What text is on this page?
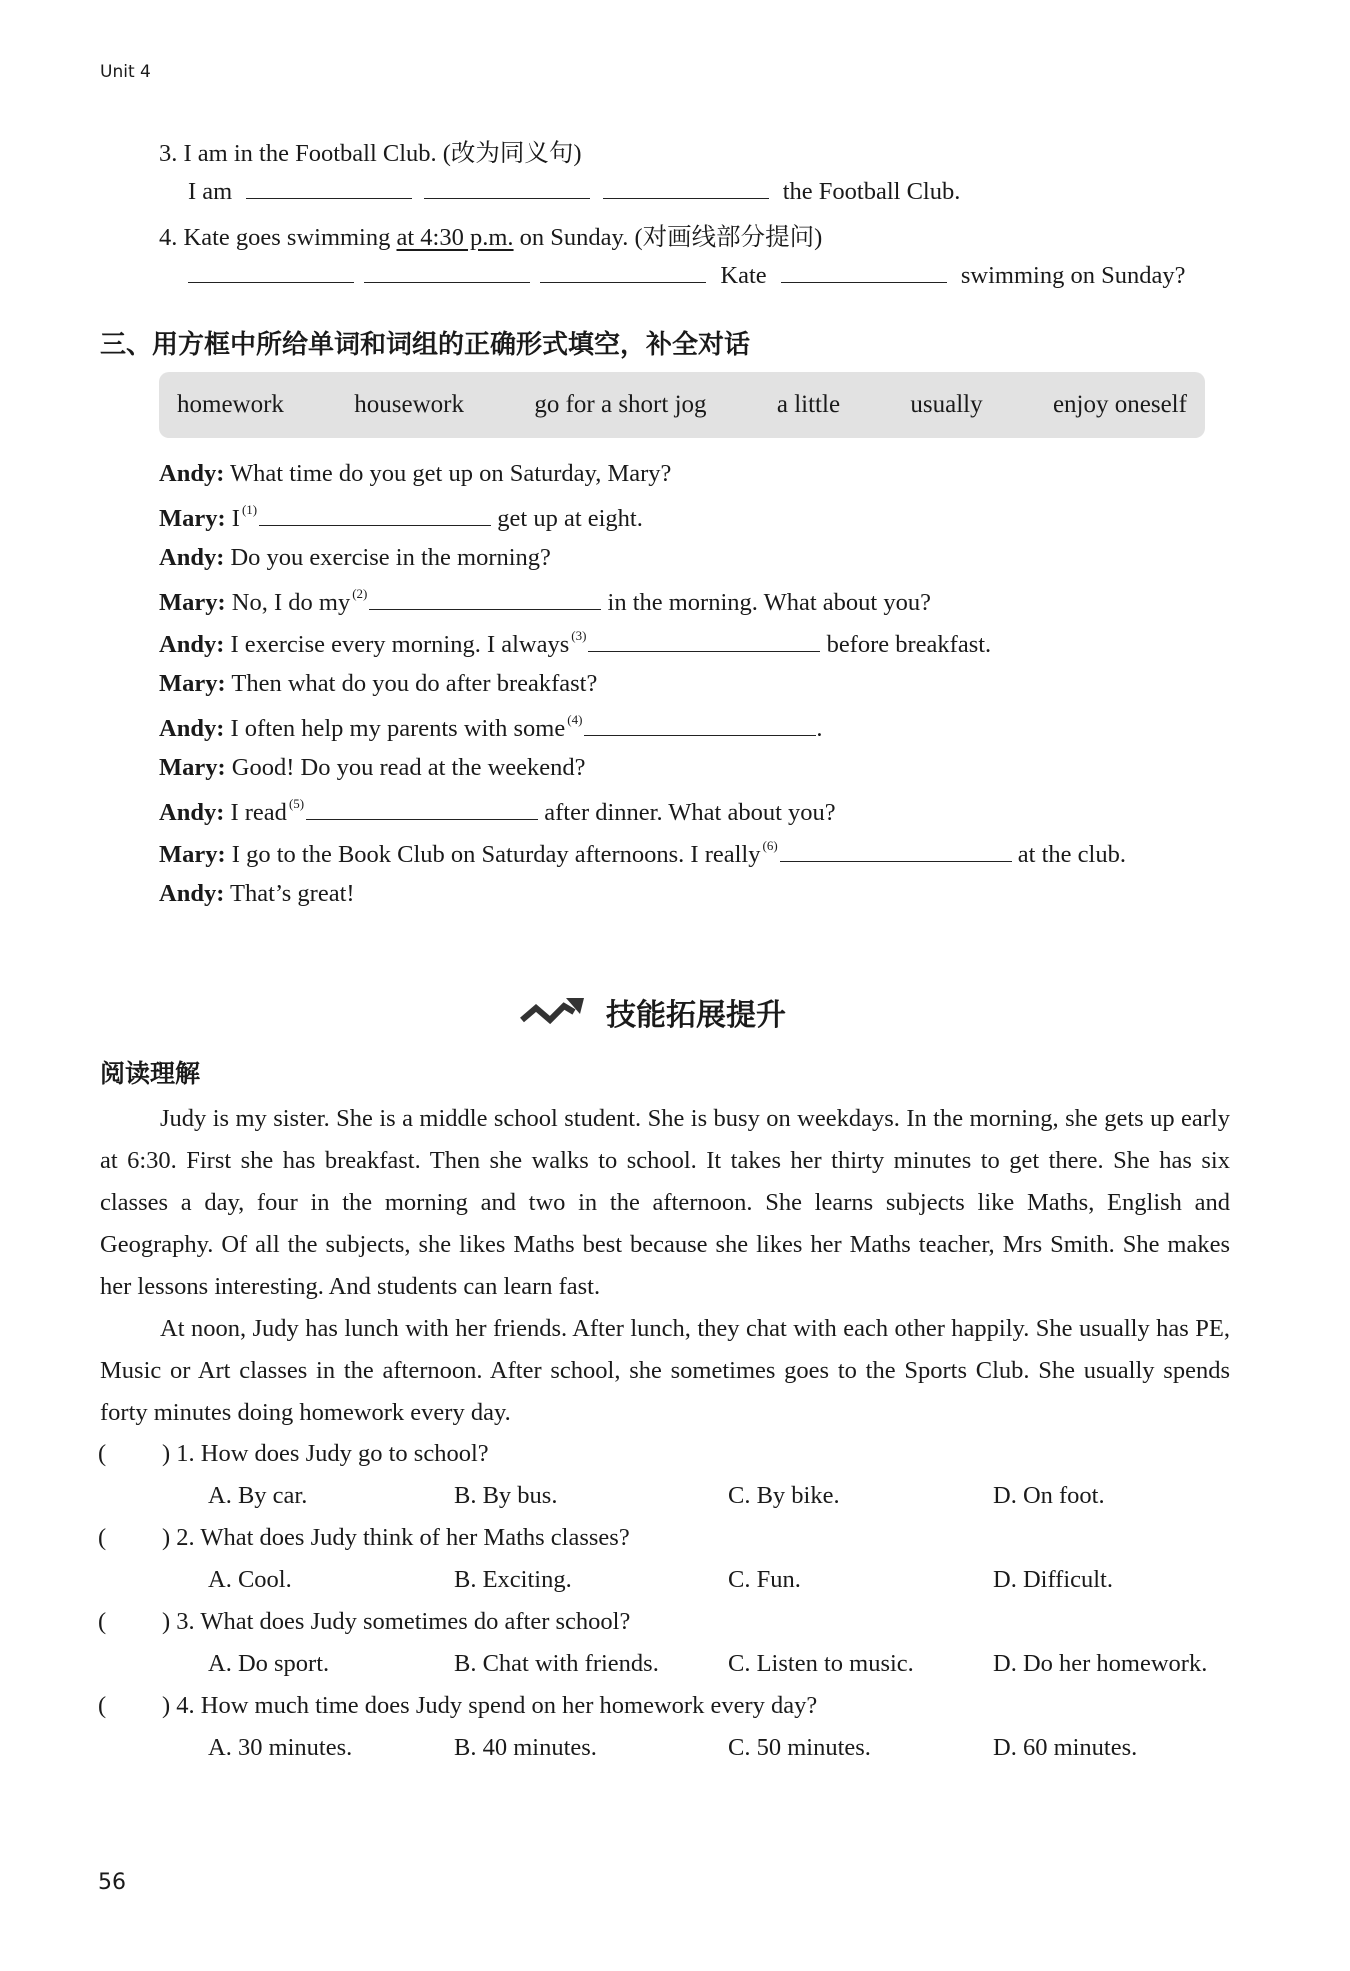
Unit 4
3. I am in the Football Club. (改为同义句)
I am	the Football Club.
4. Kate goes swimming at 4:30 p.m. on Sunday. (对画线部分提问)
Kate	swimming on Sunday?
三、用方框中所给单词和词组的正确形式填空，补全对话
homework	housework	go for a short jog	a little	usually	enjoy oneself
Andy: What time do you get up on Saturday, Mary?
Mary: I $^{(1)}$	get up at eight.
Andy: Do you exercise in the morning?
Mary: No, I do my $^{(2)}$	in the morning. What about you?
Andy: I exercise every morning. I always $^{(3)}$	before breakfast.
Mary: Then what do you do after breakfast?
Andy: I often help my parents with some $^{(4)}$	.
Mary: Good! Do you read at the weekend?
Andy: I read $^{(5)}$	after dinner. What about you?
Mary: I go to the Book Club on Saturday afternoons. I really $^{(6)}$	at the club.
Andy: That’s great!
技能拓展提升
阅读理解

Judy is my sister. She is a middle school student. She is busy on weekdays. In the morning, she gets up early at 6:30. First she has breakfast. Then she walks to school. It takes her thirty minutes to get there. She has six classes a day, four in the morning and two in the afternoon. She learns subjects like Maths, English and Geography. Of all the subjects, she likes Maths best because she likes her Maths teacher, Mrs Smith. She makes her lessons interesting. And students can learn fast.

At noon, Judy has lunch with her friends. After lunch, they chat with each other happily. She usually has PE, Music or Art classes in the afternoon. After school, she sometimes goes to the Sports Club. She usually spends forty minutes doing homework every day.

( ) 1. How does Judy go to school?
A. By car.	B. By bus.	C. By bike.	D. On foot.
( ) 2. What does Judy think of her Maths classes?
A. Cool.	B. Exciting.	C. Fun.	D. Difficult.
( ) 3. What does Judy sometimes do after school?
A. Do sport.	B. Chat with friends.	C. Listen to music.	D. Do her homework.
( ) 4. How much time does Judy spend on her homework every day?
A. 30 minutes.	B. 40 minutes.	C. 50 minutes.	D. 60 minutes.
56
